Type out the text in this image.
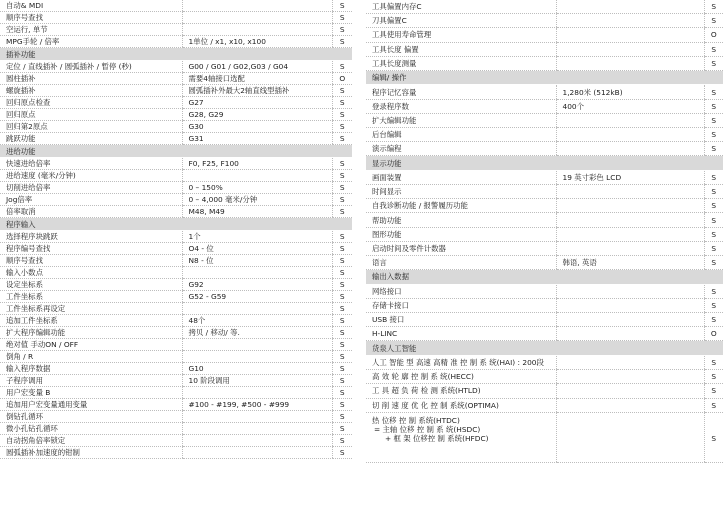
自动& MDI		S
顺序号查找		S
空运行, 单节		S
MPG手轮 / 倍率	1单位 / x1, x10, x100	S
插补功能		
定位 / 直线插补 / 圆弧插补 / 暂停 (秒)	G00 / G01 / G02,G03 / G04	S
圆柱插补	需要4轴接口选配	O
螺旋插补	圆弧插补外最大2轴直线型插补	S
回归原点检查	G27	S
回归原点	G28, G29	S
回归第2原点	G30	S
跳跃功能	G31	S
进给功能		
快速进给倍率	F0, F25, F100	S
进给速度 (毫米/分钟)		S
切削进给倍率	0 – 150%	S
Jog倍率	0 – 4,000 毫米/分钟	S
倍率取消	M48, M49	S
程序输入		
选择程序块跳跃	1个	S
程序编号查找	O4 - 位	S
顺序号查找	N8 - 位	S
输入小数点		S
设定坐标系	G92	S
工件坐标系	G52 - G59	S
工件坐标系再设定		S
追加工件坐标系	48个	S
扩大程序编辑功能	拷贝 / 移动/ 等.	S
绝对值 手动ON / OFF		S
倒角 / R		S
输入程序数据	G10	S
子程序调用	10 阶段调用	S
用户宏变量 B		S
追加用户宏变量通用变量	#100 - #199, #500 - #999	S
倒钻孔循环		S
微小孔钻孔循环		S
自动拐角倍率锁定		S
圆弧插补加速度的钳制		S
工具偏置内存C		S
刀具偏置C		S
工具使用寿命管理		O
工具长度 偏置		S
工具长度测量		S
编辑/ 操作		
程序记忆容量	1,280米 (512kB)	S
登录程序数	400个	S
扩大编辑功能		S
后台编辑		S
演示编程		S
显示功能		
画面装置	19 英寸彩色 LCD	S
时间显示		S
自我诊断功能 / 报警履历功能		S
帮助功能		S
图形功能		S
启动时间及零件计数器		S
语言	韩语, 英语	S
输出入数据		
网络接口		S
存储卡接口		S
USB 接口		S
H-LINC		O
货泉人工智能		
人工 智能 型 高速 高精 准 控 制 系 统(HAI) : 200段		S
高 效 轮 廓 控 制 系 统(HECC)		S
工 具 超 负 荷 检 测 系统(HTLD)		S
切 削 速 度 优 化 控 制 系统(OPTIMA)		S

热 位移 控 制 系统(HTDC)
= 主轴 位移 控 制 系 统(HSDC)
+ 框 架 位移控 制 系统(HFDC)		S
